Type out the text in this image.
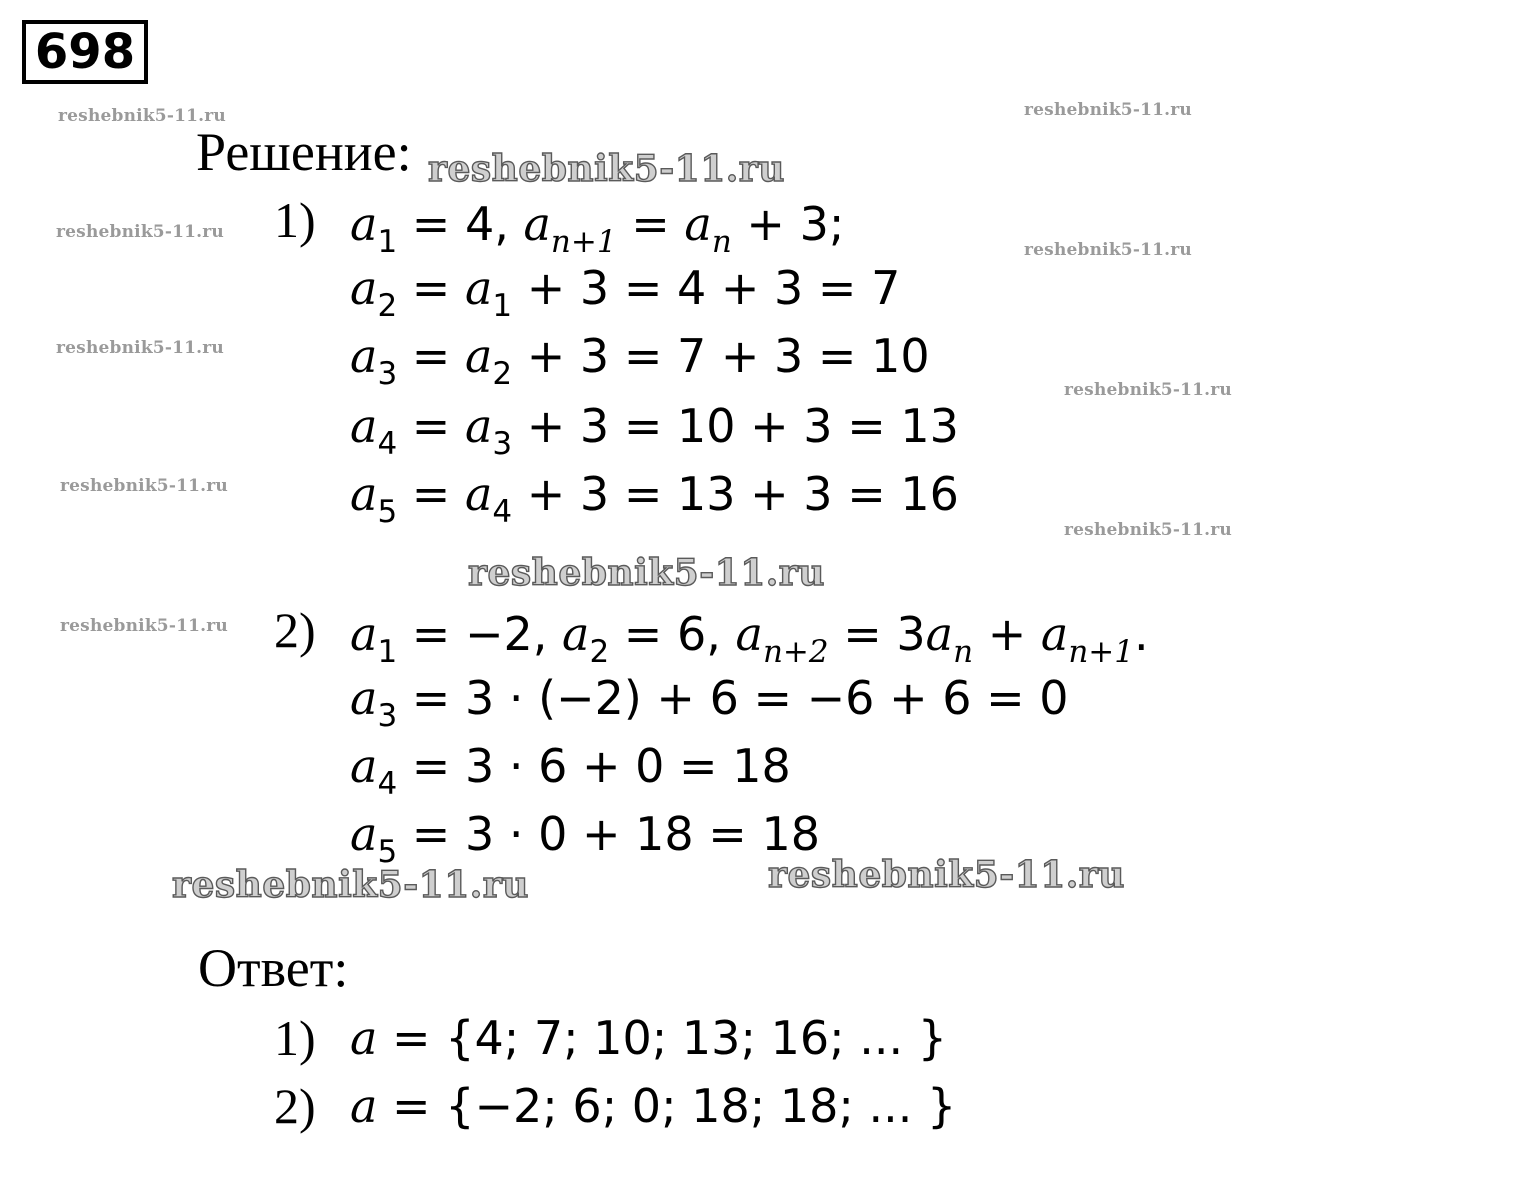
698
Решение:
1) $a_1 = 4$, $a_{n+1} = a_n + 3$;
$a_2 = a_1 + 3 = 4 + 3 = 7$
$a_3 = a_2 + 3 = 7 + 3 = 10$
$a_4 = a_3 + 3 = 10 + 3 = 13$
$a_5 = a_4 + 3 = 13 + 3 = 16$
2) $a_1 = -2$, $a_2 = 6$, $a_{n+2} = 3a_n + a_{n+1}$.
$a_3 = 3 \cdot (-2) + 6 = -6 + 6 = 0$
$a_4 = 3 \cdot 6 + 0 = 18$
$a_5 = 3 \cdot 0 + 18 = 18$
Ответ:
1) a = {4; 7; 10; 13; 16; ... }
2) a = {−2; 6; 0; 18; 18; ... }
reshebnik5-11.ru	reshebnik5-11.ru
reshebnik5-11.ru
reshebnik5-11.ru
reshebnik5-11.ru
reshebnik5-11.ru
reshebnik5-11.ru
reshebnik5-11.ru
reshebnik5-11.ru
reshebnik5-11.ru
reshebnik5-11.ru
reshebnik5-11.ru	reshebnik5-11.ru
